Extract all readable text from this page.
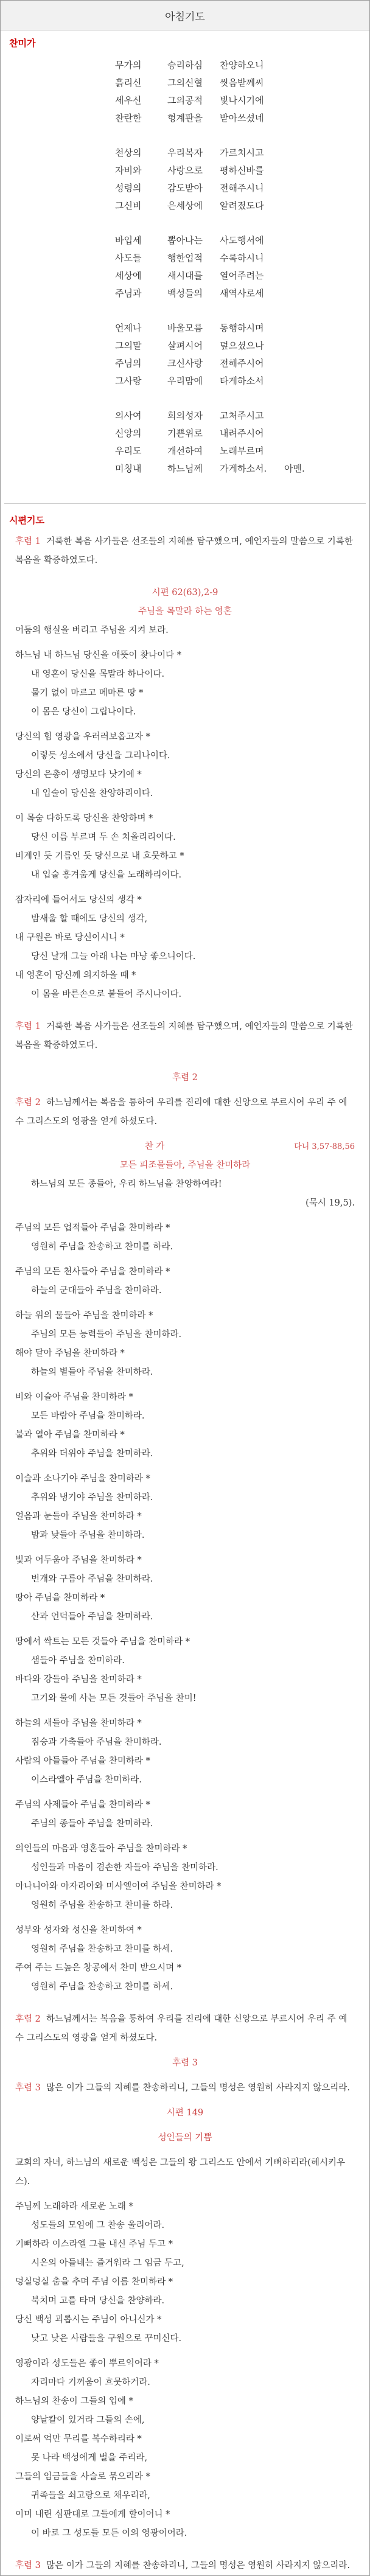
아침기도
찬미가
무가의	승리하심	찬양하오니
흙리신	그의신혈	씻음받께씨
세우신	그의공적	빛나시기에
찬란한	헝계판을	받아쓰셨네
천상의	우리복자	가르치시고
자비와	사랑으로	평하신바를
성령의	감도받아	전해주시니
그신비	은세상에	알려졌도다
바입세	뽑아나는	사도행서에
사도들	행한업적	수록하시니
세상에	새시대를	열어주려는
주님과	백성들의	새역사로세
언제나	바울모름	동행하시며
그의말	살펴시어	덮으셨으나
주님의	크신사랑	전해주시어
그사랑	우리맘에	타게하소서
의사여	희의성자	고처주시고
신앙의	기쁜위로	내려주시어
우리도	개선하여	노래부르며
미칭내	하느님께	가게하소서.	아멘.
시편기도

후렴 1 거룩한 복음 사가들은 선조들의 지혜를 탐구했으며, 예언자들의 말씀으로 기록한 복음을 확증하였도다.

시편 62(63),2-9
주님을 목말라 하는 영혼
어둠의 행실을 버리고 주님을 지켜 보라.
하느님 내 하느님 당신을 애뜻이 찾나이다 *
내 영혼이 당신을 목말라 하나이다.
물기 없이 마르고 메마른 땅 *
이 몸은 당신이 그립나이다.
당신의 힘 영광을 우러러보옵고자 *
이렇듯 성소에서 당신을 그리나이다.
당신의 은총이 생명보다 낫기에 *
내 입술이 당신을 찬양하리이다.
이 목숨 다하도록 당신을 찬양하며 *
당신 이름 부르며 두 손 치올리리이다.
비계인 듯 기름인 듯 당신으로 내 흐뭇하고 *
내 입술 흥겨움게 당신을 노래하리이다.
잠자리에 들어서도 당신의 생각 *
밤새울 할 때에도 당신의 생각,
내 구원은 바로 당신이시니 *
당신 날개 그늘 아래 나는 마냥 좋으니이다.
내 영혼이 당신께 의지하올 때 *
이 몸을 바른손으로 붙들어 주시나이다.

후렴 1 거룩한 복음 사가들은 선조들의 지혜를 탐구했으며, 예언자들의 말씀으로 기록한 복음을 확증하였도다.

후렴 2

후렴 2 하느님께서는 복음을 통하여 우리를 진리에 대한 신앙으로 부르시어 우리 주 예수 그리스도의 영광을 얻게 하셨도다.

찬 가	다니 3,57-88,56
모든 피조물들아, 주님을 찬미하라
하느님의 모든 종들아, 우리 하느님을 찬양하여라!
(묵시 19,5).
주님의 모든 업적들아 주님을 찬미하라 *
영원히 주님을 찬송하고 찬미를 하라.
주님의 모든 천사들아 주님을 찬미하라 *
하늘의 군대들아 주님을 찬미하라.
하늘 위의 물들아 주님을 찬미하라 *
주님의 모든 능력들아 주님을 찬미하라.
해야 달아 주님을 찬미하라 *
하늘의 별들아 주님을 찬미하라.
비와 이슬아 주님을 찬미하라 *
모든 바람아 주님을 찬미하라.
불과 열아 주님을 찬미하라 *
추위와 더위야 주님을 찬미하라.
이슬과 소나기야 주님을 찬미하라 *
추위와 냉기야 주님을 찬미하라.
얼음과 눈들아 주님을 찬미하라 *
밤과 낮들아 주님을 찬미하라.
빛과 어두움아 주님을 찬미하라 *
번개와 구름아 주님을 찬미하라.
땅아 주님을 찬미하라 *
산과 언덕들아 주님을 찬미하라.
땅에서 싹트는 모든 것들아 주님을 찬미하라 *
샘들아 주님을 찬미하라.
바다와 강들아 주님을 찬미하라 *
고기와 물에 사는 모든 것들아 주님을 찬미!
하늘의 새들아 주님을 찬미하라 *
짐승과 가축들아 주님을 찬미하라.
사람의 아들들아 주님을 찬미하라 *
이스라엘아 주님을 찬미하라.
주님의 사제들아 주님을 찬미하라 *
주님의 종들아 주님을 찬미하라.
의인들의 마음과 영혼들아 주님을 찬미하라 *
성인들과 마음이 겸손한 자들아 주님을 찬미하라.
아나니아와 아자리아와 미사엘이여 주님을 찬미하라 *
영원히 주님을 찬송하고 찬미를 하라.
성부와 성자와 성신을 찬미하여 *
영원히 주님을 찬송하고 찬미를 하세.
주여 주는 드높은 창공에서 찬미 받으시며 *
영원히 주님을 찬송하고 찬미를 하세.

후렴 2 하느님께서는 복음을 통하여 우리를 진리에 대한 신앙으로 부르시어 우리 주 예수 그리스도의 영광을 얻게 하셨도다.

후렴 3

후렴 3 많은 이가 그들의 지혜를 찬송하리니, 그들의 명성은 영원히 사라지지 않으리라.

시편 149
성인들의 기쁨

교회의 자녀, 하느님의 새로운 백성은 그들의 왕 그리스도 안에서 기뻐하리라(헤시키우스).

주님께 노래하라 새로운 노래 *
성도들의 모임에 그 찬송 울리어라.
기뻐하라 이스라엘 그를 내신 주님 두고 *
시온의 아들네는 즐거워라 그 임금 두고,
덩실덩실 춤을 추며 주님 이름 찬미하라 *
북치며 고를 타며 당신을 찬양하라.
당신 백성 괴롭시는 주님이 아니신가 *
낮고 낮은 사람들을 구원으로 꾸미신다.
영광이라 성도들은 좋이 뿌르익어라 *
자리마다 기꺼움이 흐뭇하거라.
하느님의 찬송이 그들의 입에 *
양날칼이 있거라 그들의 손에,
이로써 억만 무리를 복수하리라 *
못 나라 백성에게 벌을 주리라,
그들의 임금들을 사슬로 묶으리라 *
귀족들을 쇠고랑으로 채우리라,
이미 내린 심판대로 그들에게 할이어니 *
이 바로 그 성도들 모든 이의 영광이어라.

후렴 3 많은 이가 그들의 지혜를 찬송하리니, 그들의 명성은 영원히 사라지지 않으리라.
